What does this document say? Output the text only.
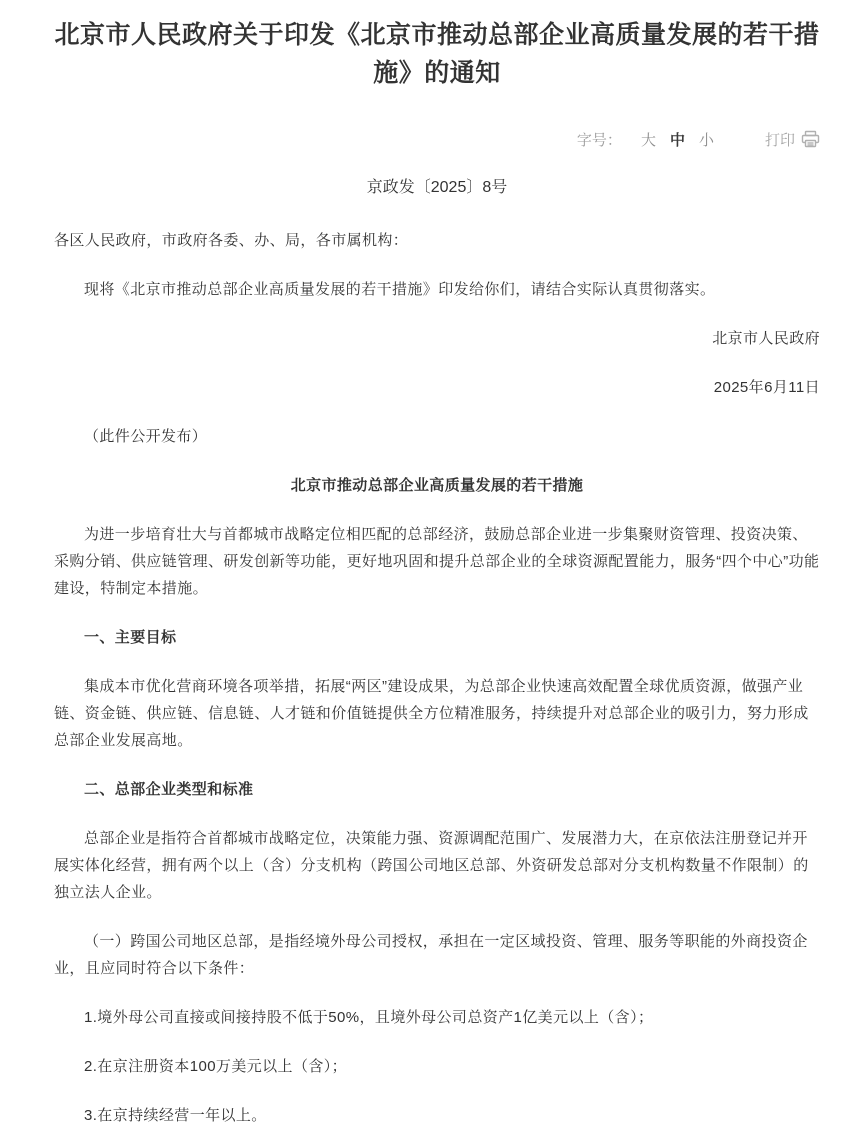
北京市人民政府关于印发《北京市推动总部企业高质量发展的若干措施》的通知
字号： 大 中 小	打印
京政发〔2025〕8号

各区人民政府，市政府各委、办、局，各市属机构：

现将《北京市推动总部企业高质量发展的若干措施》印发给你们，请结合实际认真贯彻落实。

北京市人民政府

2025年6月11日

（此件公开发布）

北京市推动总部企业高质量发展的若干措施

为进一步培育壮大与首都城市战略定位相匹配的总部经济，鼓励总部企业进一步集聚财资管理、投资决策、采购分销、供应链管理、研发创新等功能，更好地巩固和提升总部企业的全球资源配置能力，服务“四个中心”功能建设，特制定本措施。

一、主要目标

集成本市优化营商环境各项举措，拓展“两区”建设成果，为总部企业快速高效配置全球优质资源，做强产业链、资金链、供应链、信息链、人才链和价值链提供全方位精准服务，持续提升对总部企业的吸引力，努力形成总部企业发展高地。

二、总部企业类型和标准

总部企业是指符合首都城市战略定位，决策能力强、资源调配范围广、发展潜力大，在京依法注册登记并开展实体化经营，拥有两个以上（含）分支机构（跨国公司地区总部、外资研发总部对分支机构数量不作限制）的独立法人企业。

（一）跨国公司地区总部，是指经境外母公司授权，承担在一定区域投资、管理、服务等职能的外商投资企业，且应同时符合以下条件：

1.境外母公司直接或间接持股不低于50%，且境外母公司总资产1亿美元以上（含）；

2.在京注册资本100万美元以上（含）；

3.在京持续经营一年以上。
